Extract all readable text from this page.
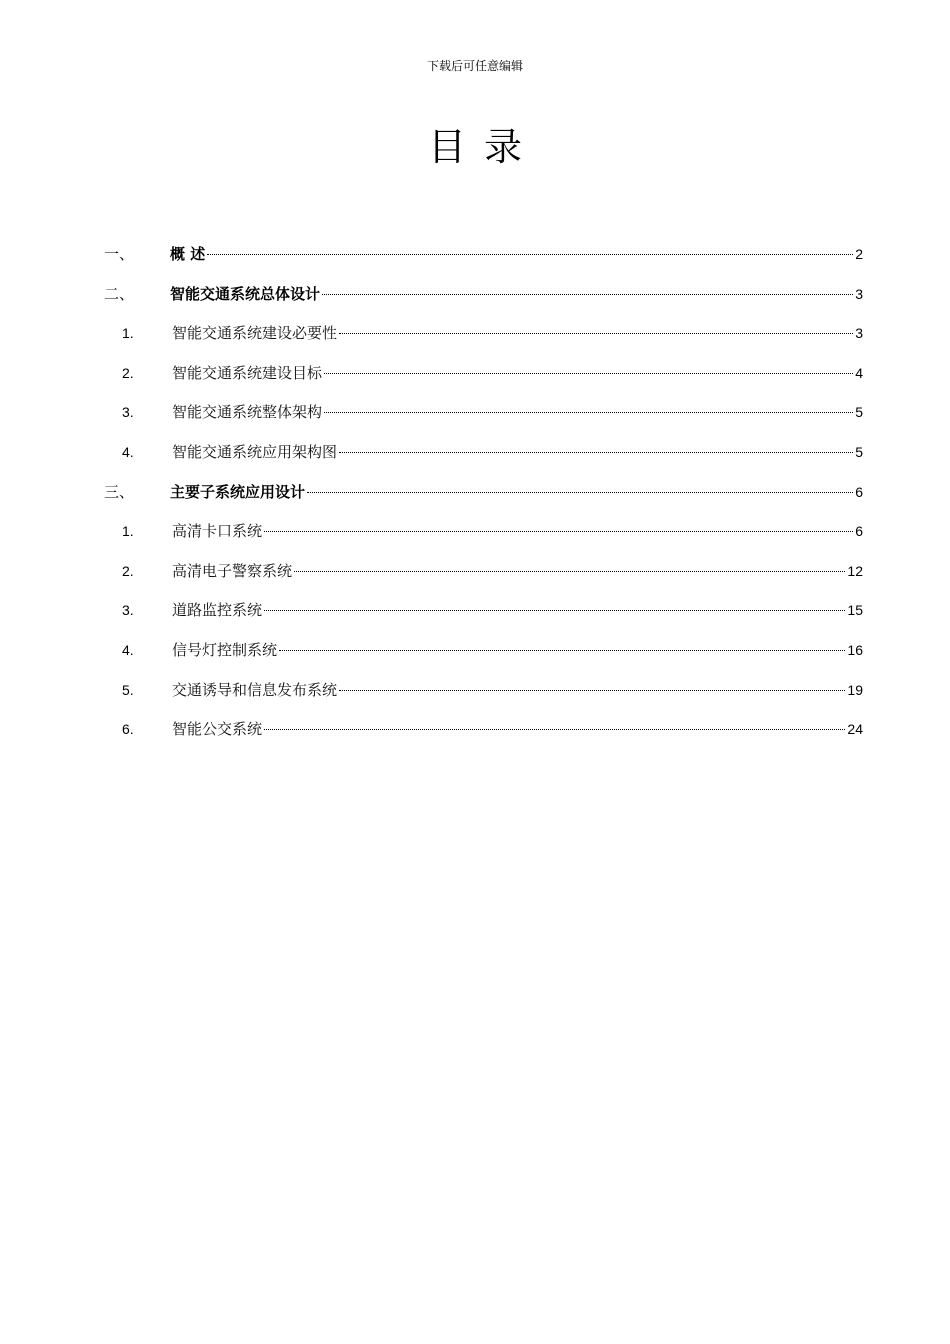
下载后可任意编辑
目录
一、	概 述	2
二、	智能交通系统总体设计	3
1.	智能交通系统建设必要性	3
2.	智能交通系统建设目标	4
3.	智能交通系统整体架构	5
4.	智能交通系统应用架构图	5
三、	主要子系统应用设计	6
1.	高清卡口系统	6
2.	高清电子警察系统	12
3.	道路监控系统	15
4.	信号灯控制系统	16
5.	交通诱导和信息发布系统	19
6.	智能公交系统	24
